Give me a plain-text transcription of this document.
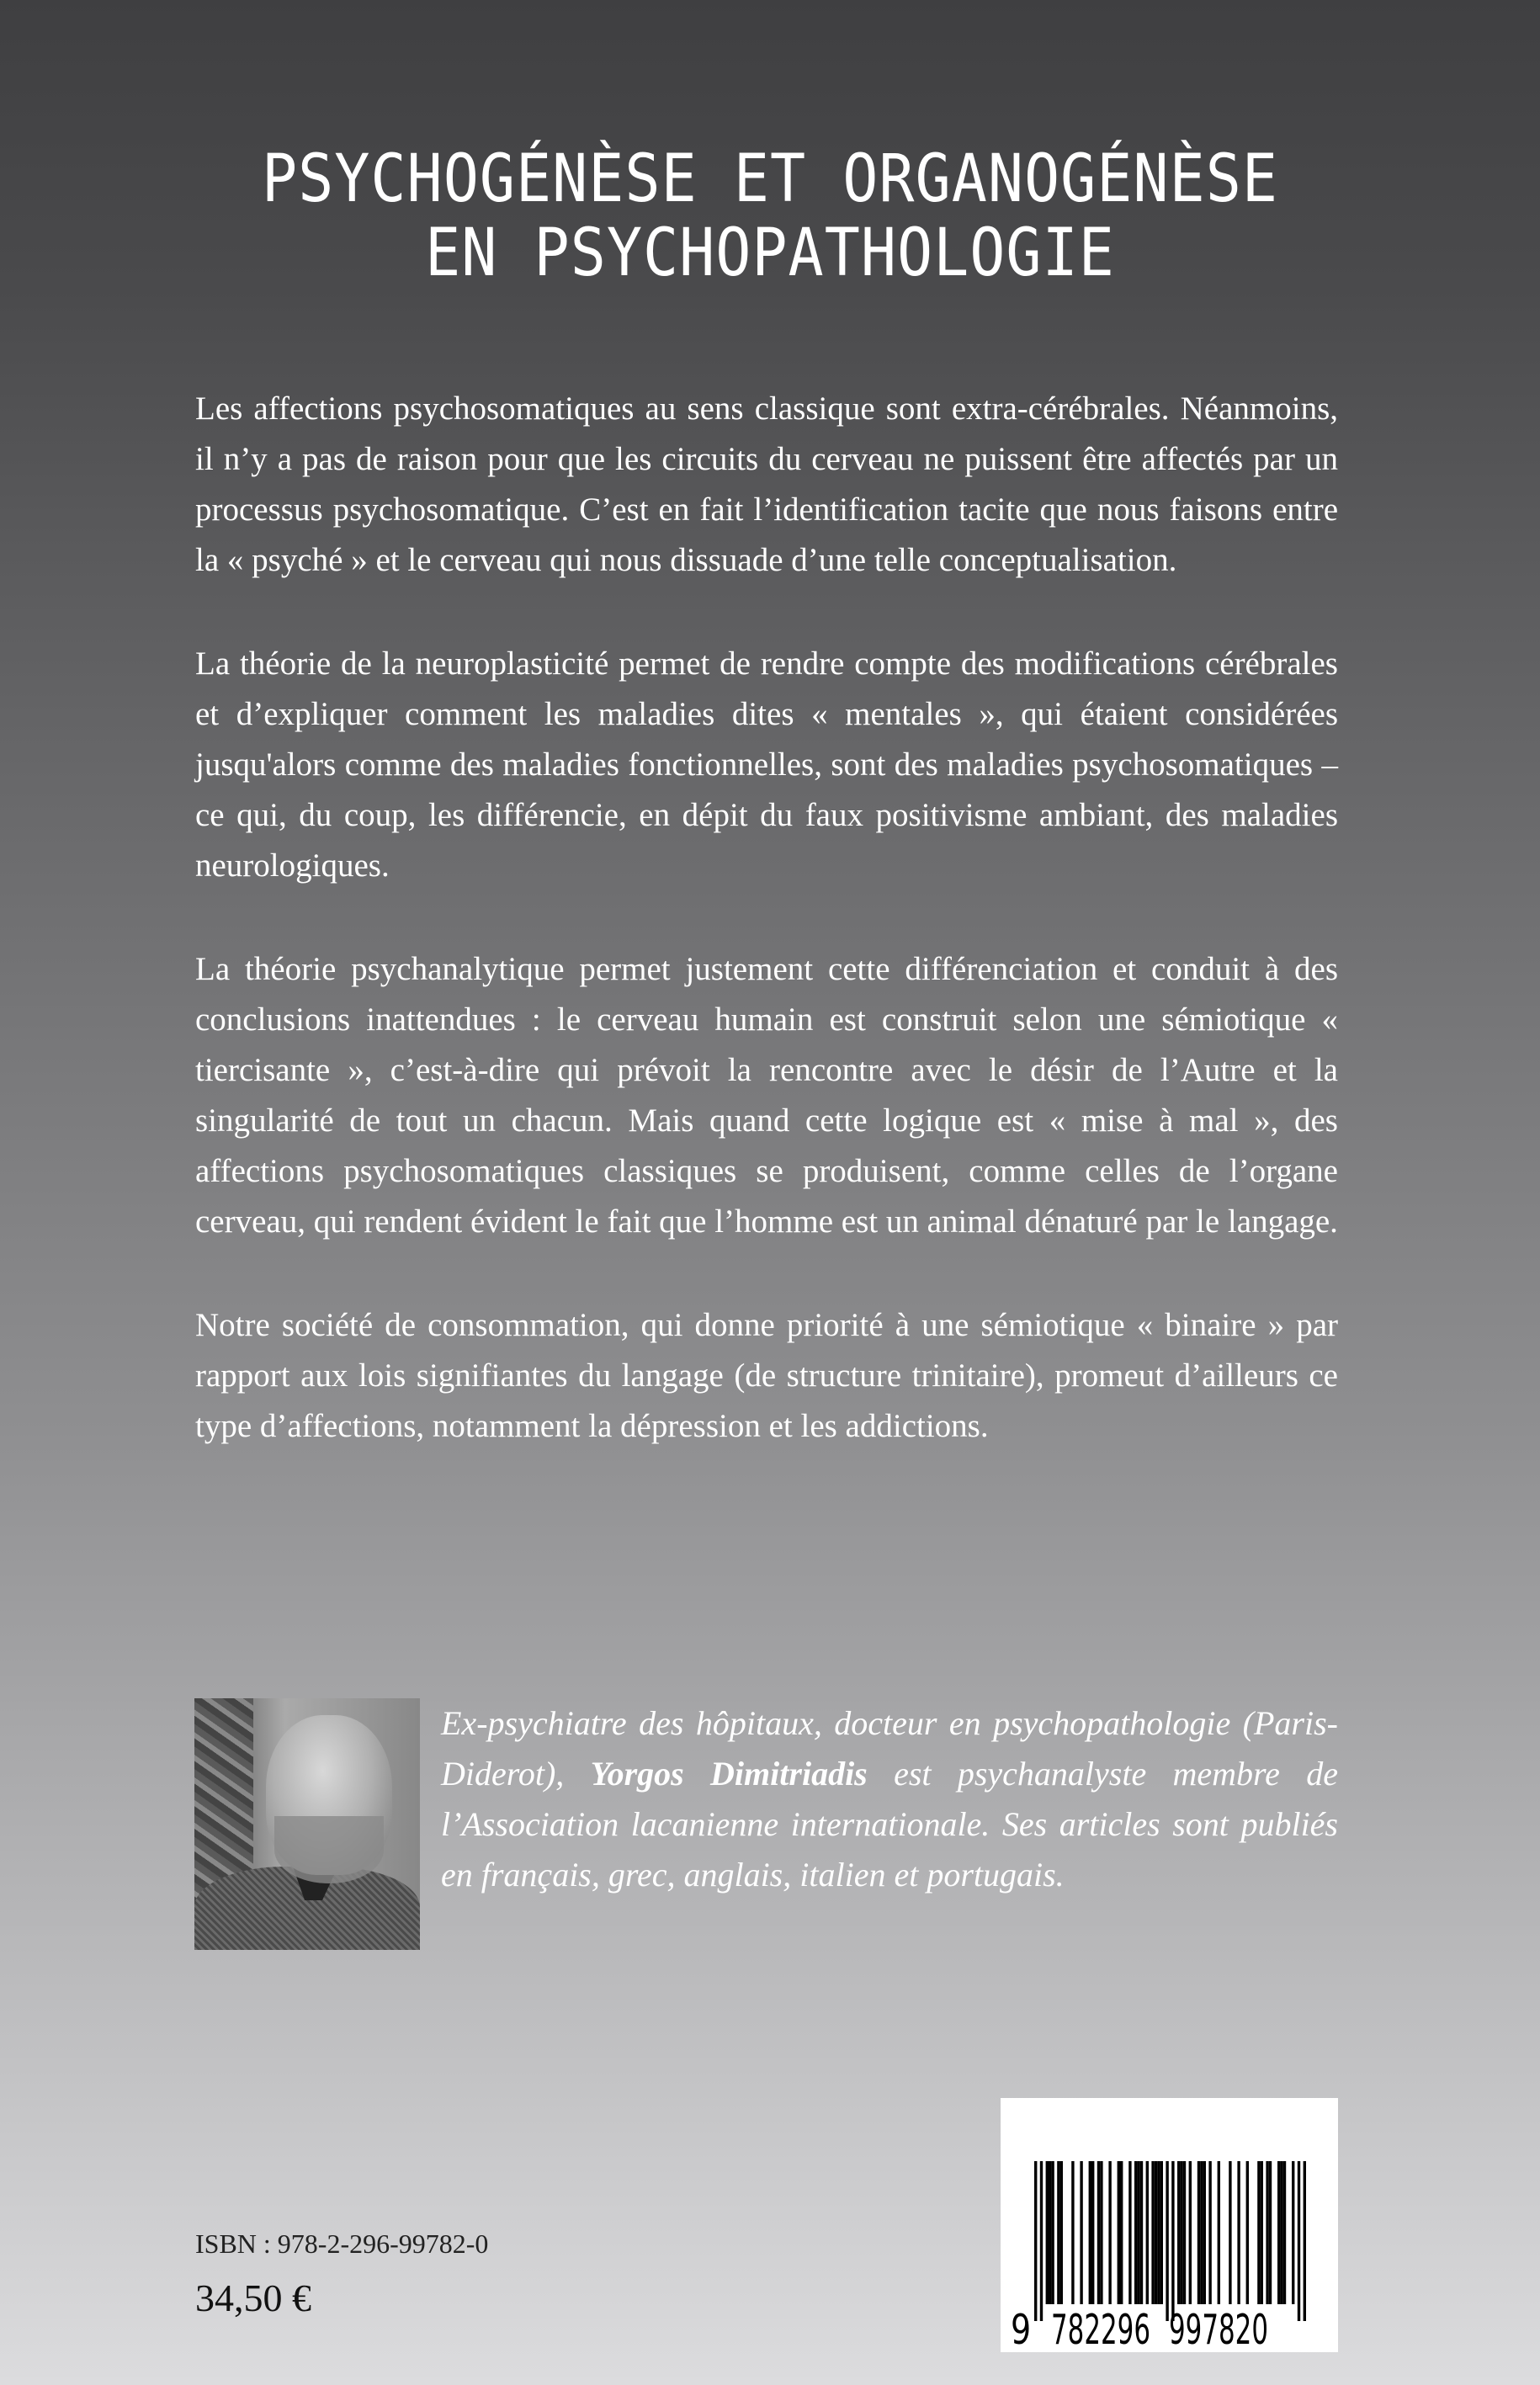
PSYCHOGÉNÈSE ET ORGANOGÉNÈSE
EN PSYCHOPATHOLOGIE

Les affections psychosomatiques au sens classique sont extra-cérébrales. Néanmoins, il n’y a pas de raison pour que les circuits du cerveau ne puissent être affectés par un processus psychosomatique. C’est en fait l’identification tacite que nous faisons entre la « psyché » et le cerveau qui nous dissuade d’une telle conceptualisation.

La théorie de la neuroplasticité permet de rendre compte des modifications cérébrales et d’expliquer comment les maladies dites « mentales », qui étaient considérées jusqu'alors comme des maladies fonctionnelles, sont des maladies psychosomatiques – ce qui, du coup, les différencie, en dépit du faux positivisme ambiant, des maladies neurologiques.

La théorie psychanalytique permet justement cette différenciation et conduit à des conclusions inattendues : le cerveau humain est construit selon une sémiotique « tiercisante », c’est-à-dire qui prévoit la rencontre avec le désir de l’Autre et la singularité de tout un chacun. Mais quand cette logique est « mise à mal », des affections psychosomatiques classiques se produisent, comme celles de l’organe cerveau, qui rendent évident le fait que l’homme est un animal dénaturé par le langage.

Notre société de consommation, qui donne priorité à une sémiotique « binaire » par rapport aux lois signifiantes du langage (de structure trinitaire), promeut d’ailleurs ce type d’affections, notamment la dépression et les addictions.

Ex-psychiatre des hôpitaux, docteur en psychopathologie (Paris-Diderot), Yorgos Dimitriadis est psychanalyste membre de l’Association lacanienne internationale. Ses articles sont publiés en français, grec, anglais, italien et portugais.
ISBN : 978-2-296-99782-0
34,50 €
9 782296 997820
